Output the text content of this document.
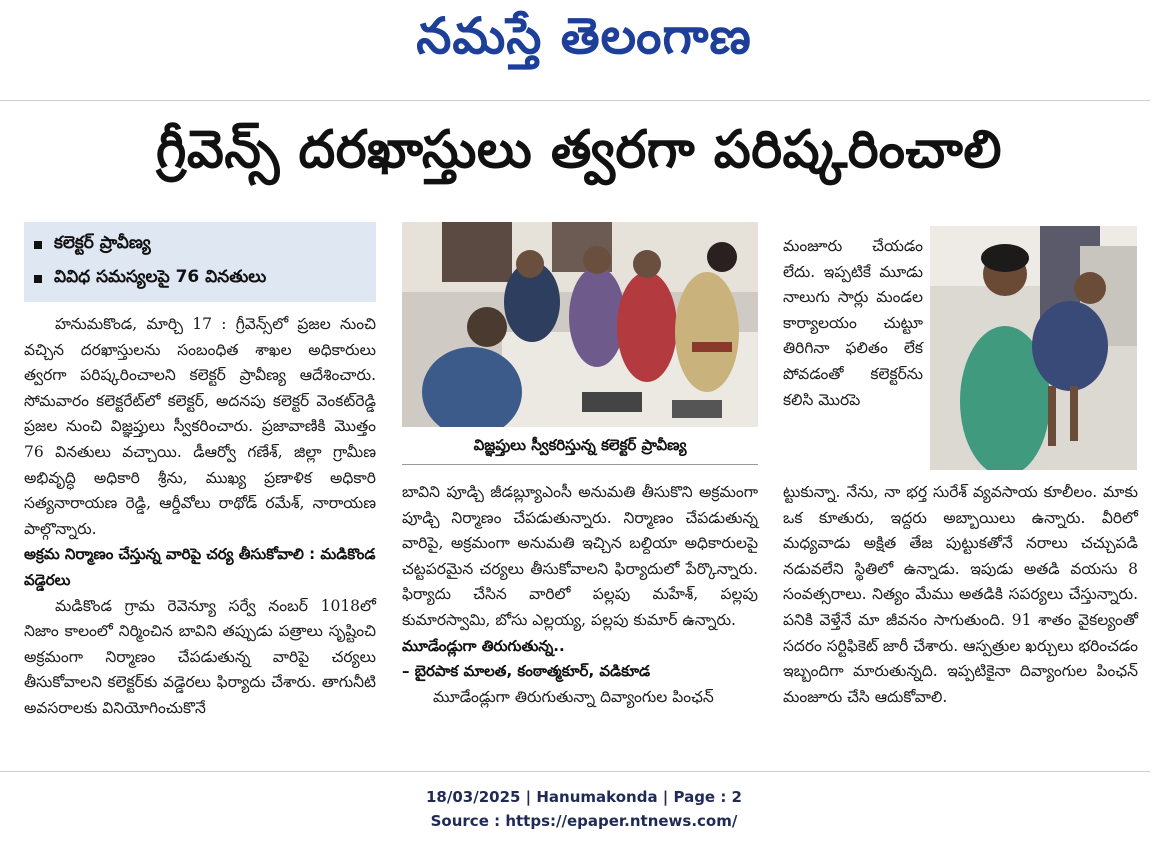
నమస్తే తెలంగాణ
గ్రీవెన్స్ దరఖాస్తులు త్వరగా పరిష్కరించాలి
కలెక్టర్ ప్రావీణ్య
వివిధ సమస్యలపై 76 వినతులు

హనుమకొండ, మార్చి 17 : గ్రీవెన్స్‌లో ప్రజల నుంచి వచ్చిన దరఖాస్తులను సంబంధిత శాఖల అధికారులు త్వరగా పరిష్కరించాలని కలెక్టర్ ప్రావీణ్య ఆదేశించారు. సోమవారం కలెక్టరేట్‌లో కలెక్టర్, అదనపు కలెక్టర్ వెంకట్‌రెడ్డి ప్రజల నుంచి విజ్ఞప్తులు స్వీకరించారు. ప్రజావాణికి మొత్తం 76 వినతులు వచ్చాయి. డీఆర్వో గణేశ్, జిల్లా గ్రామీణ అభివృద్ధి అధికారి శ్రీను, ముఖ్య ప్రణాళిక అధికారి సత్యనారాయణ రెడ్డి, ఆర్డీవోలు రాథోడ్ రమేశ్, నారాయణ పాల్గొన్నారు.

అక్రమ నిర్మాణం చేస్తున్న వారిపై చర్య తీసుకోవాలి : మడికొండ వడ్డెరలు

మడికొండ గ్రామ రెవెన్యూ సర్వే నంబర్ 1018లో నిజాం కాలంలో నిర్మించిన బావిని తప్పుడు పత్రాలు సృష్టించి అక్రమంగా నిర్మాణం చేపడుతున్న వారిపై చర్యలు తీసుకోవాలని కలెక్టర్‌కు వడ్డెరలు ఫిర్యాదు చేశారు. తాగునీటి అవసరాలకు వినియోగించుకొనే

విజ్ఞప్తులు స్వీకరిస్తున్న కలెక్టర్ ప్రావీణ్య

బావిని పూడ్చి జీడబ్ల్యూఎంసీ అనుమతి తీసుకొని అక్రమంగా పూడ్చి నిర్మాణం చేపడుతున్నారు. నిర్మాణం చేపడుతున్న వారిపై, అక్రమంగా అనుమతి ఇచ్చిన బల్దియా అధికారులపై చట్టపరమైన చర్యలు తీసుకోవాలని ఫిర్యాదులో పేర్కొన్నారు. ఫిర్యాదు చేసిన వారిలో పల్లపు మహేశ్, పల్లపు కుమారస్వామి, బోసు ఎల్లయ్య, పల్లపు కుమార్ ఉన్నారు.

మూడేండ్లుగా తిరుగుతున్న..

– బైరపాక మాలత, కంఠాత్మకూర్, వడికూడ

మూడేండ్లుగా తిరుగుతున్నా దివ్యాంగుల పింఛన్

మంజూరు చేయడం లేదు. ఇప్పటికే మూడు నాలుగు సార్లు మండల కార్యాలయం చుట్టూ తిరిగినా ఫలితం లేక పోవడంతో కలెక్టర్‌ను కలిసి మొరపె

ట్టుకున్నా. నేను, నా భర్త సురేశ్ వ్యవసాయ కూలీలం. మాకు ఒక కూతురు, ఇద్దరు అబ్బాయిలు ఉన్నారు. వీరిలో మధ్యవాడు అక్షిత తేజ పుట్టుకతోనే నరాలు చచ్చుపడి నడువలేని స్థితిలో ఉన్నాడు. ఇపుడు అతడి వయసు 8 సంవత్సరాలు. నిత్యం మేము అతడికి సపర్యలు చేస్తున్నారు. పనికి వెళ్తేనే మా జీవనం సాగుతుంది. 91 శాతం వైకల్యంతో సదరం సర్టిఫికెట్ జారీ చేశారు. ఆస్పత్రుల ఖర్చులు భరించడం ఇబ్బందిగా మారుతున్నది. ఇప్పటికైనా దివ్యాంగుల పింఛన్ మంజూరు చేసి ఆదుకోవాలి.

18/03/2025 | Hanumakonda | Page : 2
Source : https://epaper.ntnews.com/
